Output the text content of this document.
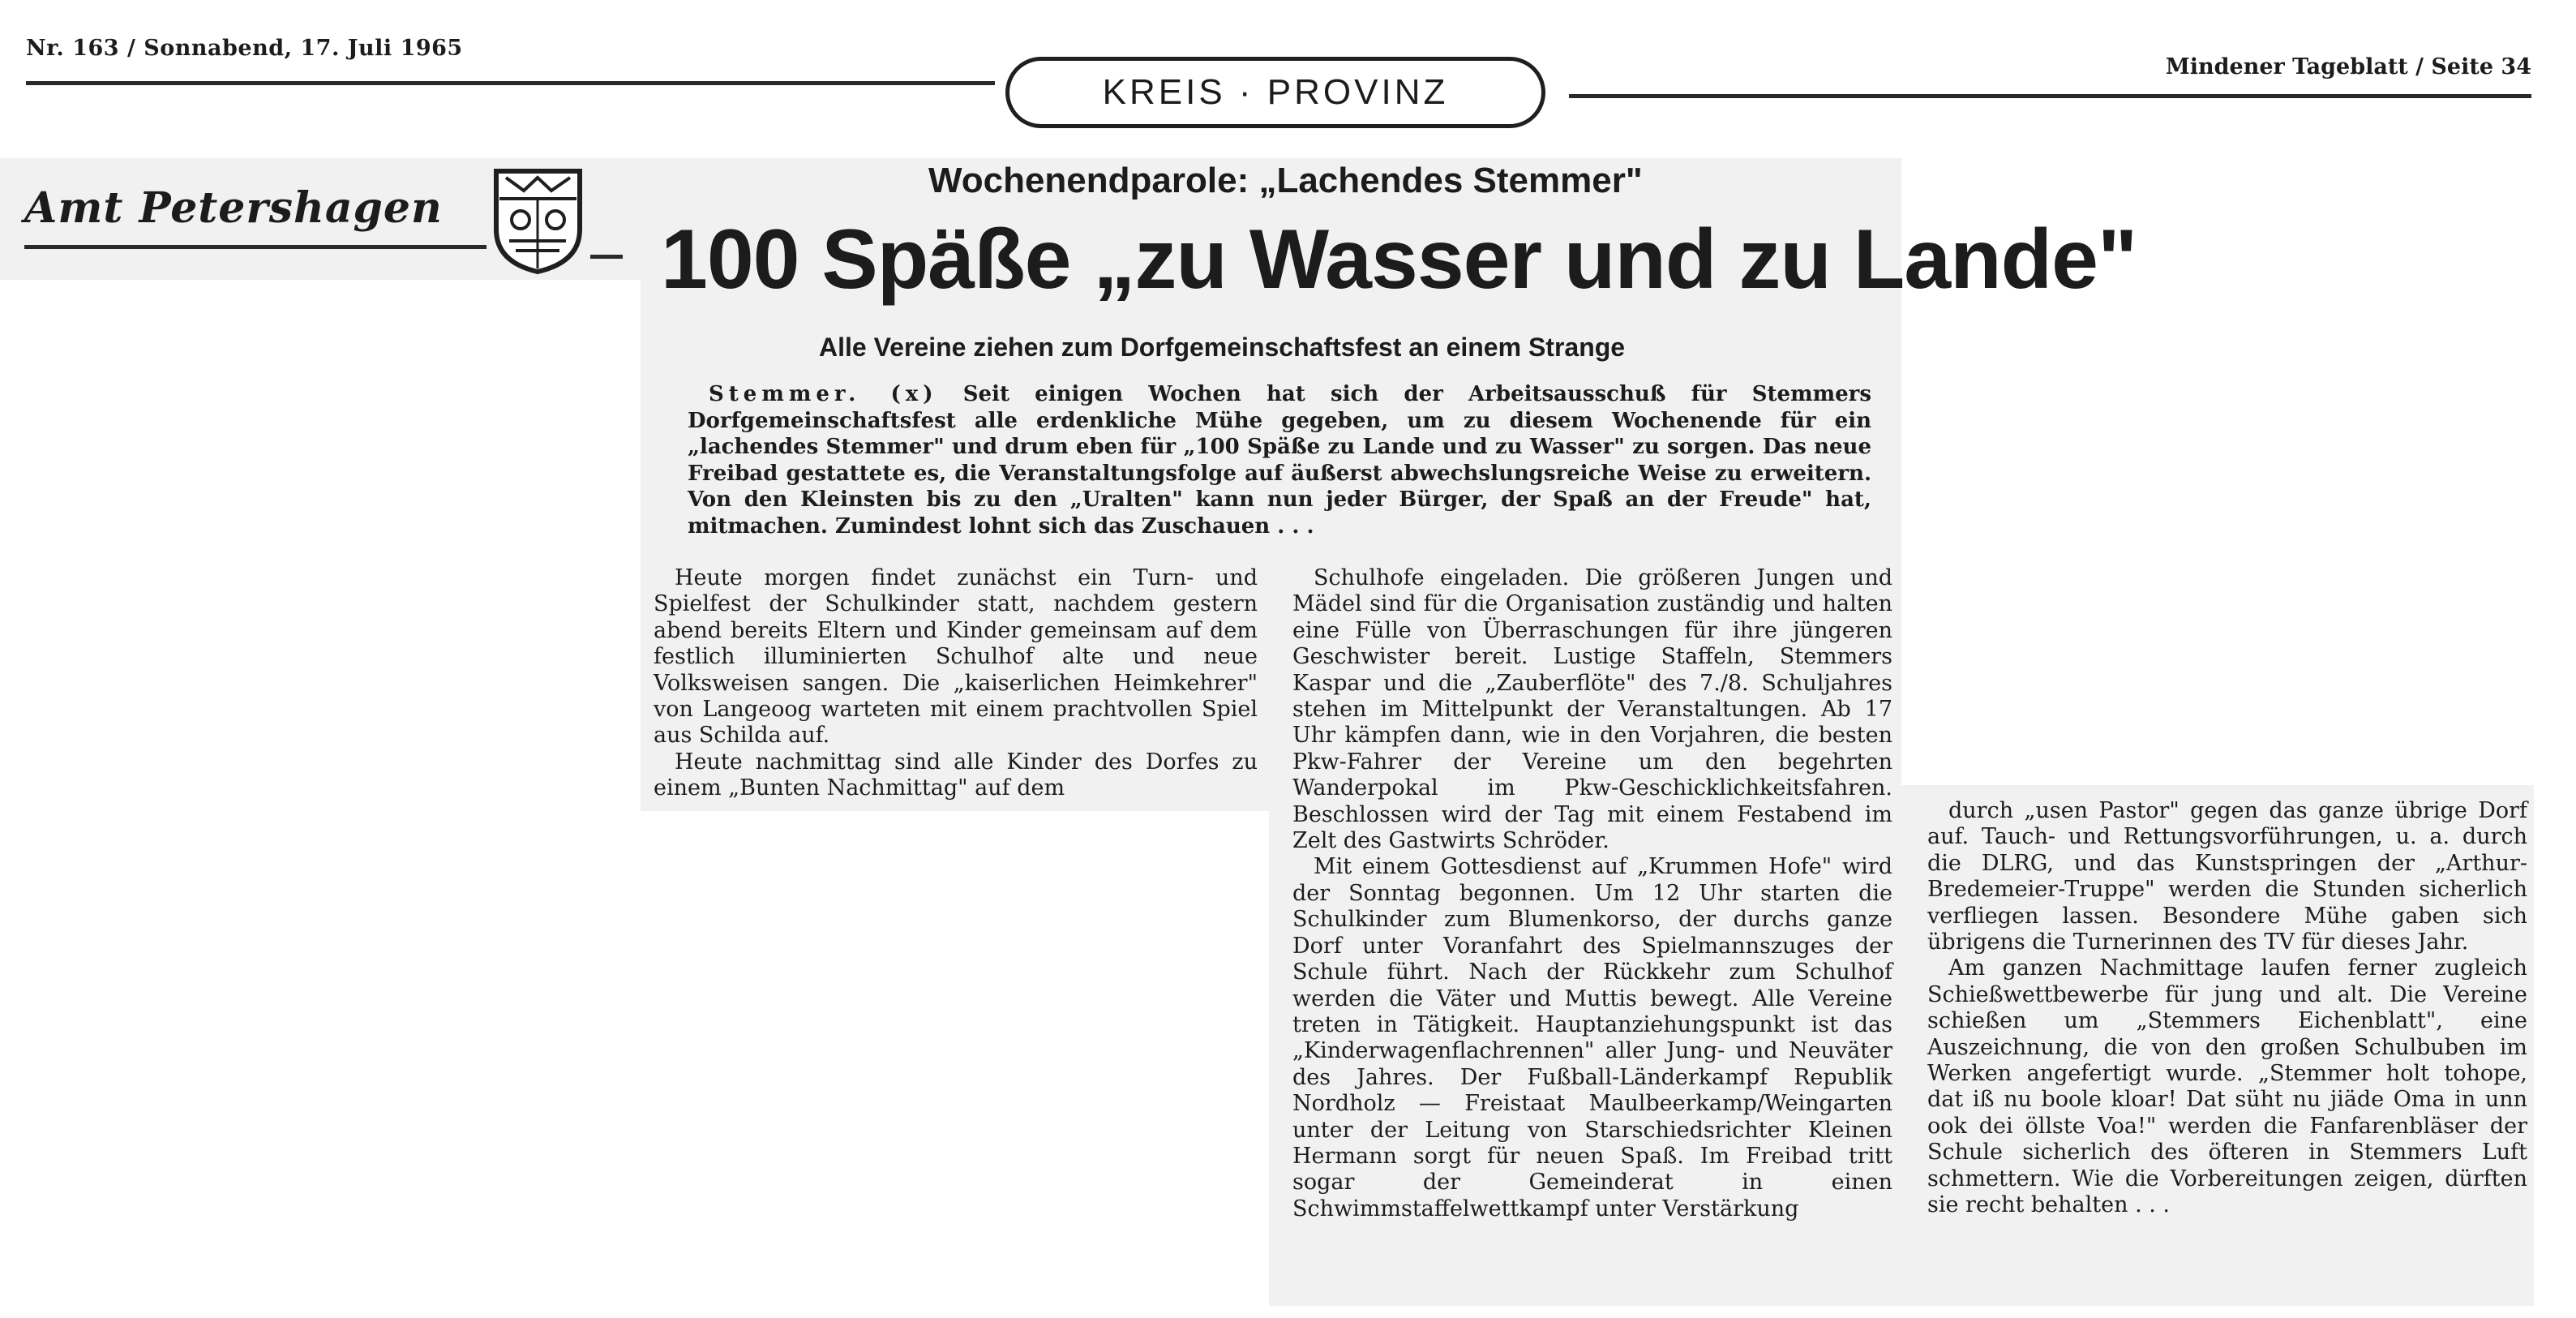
Nr. 163 / Sonnabend, 17. Juli 1965
Mindener Tageblatt / Seite 34
KREIS · PROVINZ
Amt Petershagen
Wochenendparole: „Lachendes Stemmer"
100 Späße „zu Wasser und zu Lande"
Alle Vereine ziehen zum Dorfgemeinschaftsfest an einem Strange

Stemmer. (x) Seit einigen Wochen hat sich der Arbeitsausschuß für Stemmers Dorfgemeinschaftsfest alle erdenkliche Mühe gegeben, um zu diesem Wochenende für ein „lachendes Stemmer" und drum eben für „100 Späße zu Lande und zu Wasser" zu sorgen. Das neue Freibad gestattete es, die Veranstaltungsfolge auf äußerst abwechslungsreiche Weise zu erweitern. Von den Kleinsten bis zu den „Uralten" kann nun jeder Bürger, der Spaß an der Freude" hat, mitmachen. Zumindest lohnt sich das Zuschauen . . .

Heute morgen findet zunächst ein Turn- und Spielfest der Schulkinder statt, nachdem gestern abend bereits Eltern und Kinder gemeinsam auf dem festlich illuminierten Schulhof alte und neue Volksweisen sangen. Die „kaiserlichen Heimkehrer" von Langeoog warteten mit einem prachtvollen Spiel aus Schilda auf.

Heute nachmittag sind alle Kinder des Dorfes zu einem „Bunten Nachmittag" auf dem

Schulhofe eingeladen. Die größeren Jungen und Mädel sind für die Organisation zuständig und halten eine Fülle von Überraschungen für ihre jüngeren Geschwister bereit. Lustige Staffeln, Stemmers Kaspar und die „Zauberflöte" des 7./8. Schuljahres stehen im Mittelpunkt der Veranstaltungen. Ab 17 Uhr kämpfen dann, wie in den Vorjahren, die besten Pkw-Fahrer der Vereine um den begehrten Wanderpokal im Pkw-Geschicklichkeitsfahren. Beschlossen wird der Tag mit einem Festabend im Zelt des Gastwirts Schröder.

Mit einem Gottesdienst auf „Krummen Hofe" wird der Sonntag begonnen. Um 12 Uhr starten die Schulkinder zum Blumenkorso, der durchs ganze Dorf unter Voranfahrt des Spielmannszuges der Schule führt. Nach der Rückkehr zum Schulhof werden die Väter und Muttis bewegt. Alle Vereine treten in Tätigkeit. Hauptanziehungspunkt ist das „Kinderwagenflachrennen" aller Jung- und Neuväter des Jahres. Der Fußball-Länderkampf Republik Nordholz — Freistaat Maulbeerkamp/Weingarten unter der Leitung von Starschiedsrichter Kleinen Hermann sorgt für neuen Spaß. Im Freibad tritt sogar der Gemeinderat in einen Schwimmstaffelwettkampf unter Verstärkung

durch „usen Pastor" gegen das ganze übrige Dorf auf. Tauch- und Rettungsvorführungen, u. a. durch die DLRG, und das Kunstspringen der „Arthur-Bredemeier-Truppe" werden die Stunden sicherlich verfliegen lassen. Besondere Mühe gaben sich übrigens die Turnerinnen des TV für dieses Jahr.

Am ganzen Nachmittage laufen ferner zugleich Schießwettbewerbe für jung und alt. Die Vereine schießen um „Stemmers Eichenblatt", eine Auszeichnung, die von den großen Schulbuben im Werken angefertigt wurde. „Stemmer holt tohope, dat iß nu boole kloar! Dat süht nu jiäde Oma in unn ook dei öllste Voa!" werden die Fanfarenbläser der Schule sicherlich des öfteren in Stemmers Luft schmettern. Wie die Vorbereitungen zeigen, dürften sie recht behalten . . .
